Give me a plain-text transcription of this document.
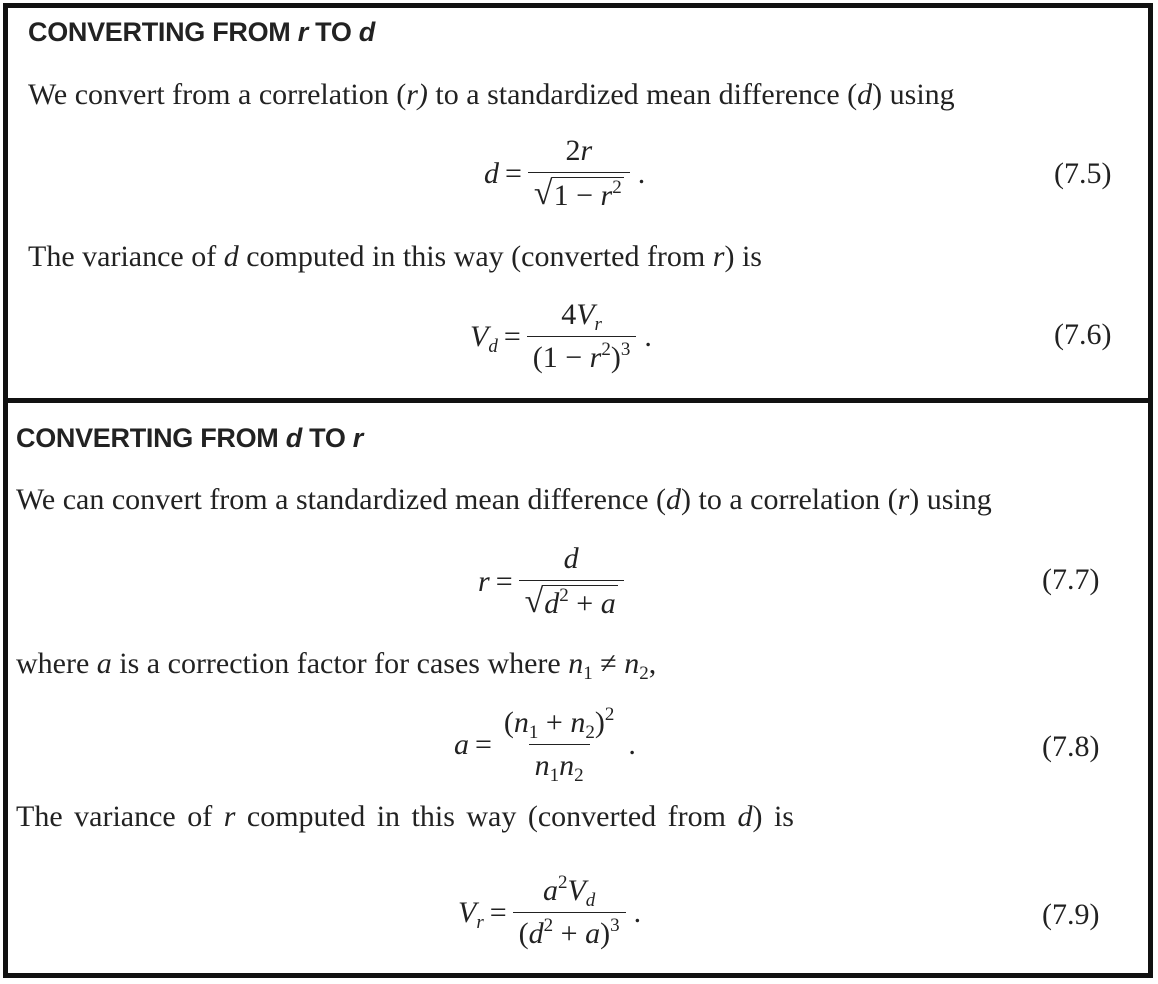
CONVERTING FROM r TO d
We convert from a correlation (r) to a standardized mean difference (d) using
$d = \frac{2r}{√ 1 - r^2}$ .	(7.5)
The variance of d computed in this way (converted from r) is
$V_d = \frac{4V_r}{(1 - r^2)^3}$ .	(7.6)
CONVERTING FROM d TO r
We can convert from a standardized mean difference (d) to a correlation (r) using
$r = \frac{d}{√ d^2 + a}$	(7.7)
where a is a correction factor for cases where $n_1 \ne n_2$,
$a = \frac{(n_1 + n_2)^2}{n_1n_2}$ .	(7.8)
The variance of r computed in this way (converted from d) is
$V_r = \frac{a^2V_d}{(d^2 + a)^3}$ .	(7.9)
